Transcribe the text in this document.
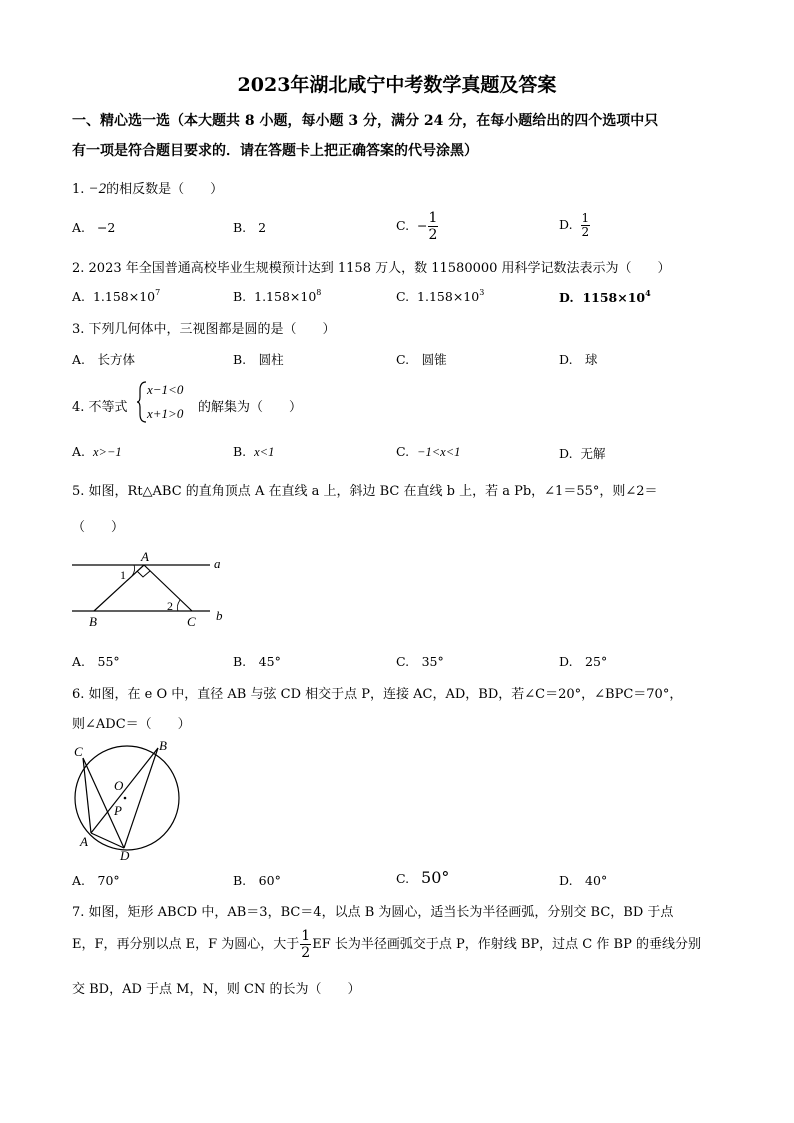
2023年湖北咸宁中考数学真题及答案
一、精心选一选（本大题共 8 小题，每小题 3 分，满分 24 分，在每小题给出的四个选项中只
有一项是符合题目要求的．请在答题卡上把正确答案的代号涂黑）
1. −2的相反数是（　　）
A. −2	B. 2	C. − $\frac{1}{2}$	D. $\frac{1}{2}$
2. 2023 年全国普通高校毕业生规模预计达到 1158 万人，数 11580000 用科学记数法表示为（　　）
A. $1.158\times 10^7$	B. $1.158\times 10^8$	C. $1.158\times 10^3$	D. $1158\times 10^4$
3. 下列几何体中，三视图都是圆的是（　　）
A.　长方体	B.　圆柱	C.　圆锥	D.　球
4. 不等式
x−1<0
x+1>0 的解集为（　　）
A. x>−1	B. x<1	C. −1<x<1	D. 无解
5. 如图，Rt△ABC 的直角顶点 A 在直线 a 上，斜边 BC 在直线 b 上，若 a Pb，∠1＝55°，则∠2＝
（　　）
A
B	C
a
b
1
2
A.　55°	B.　45°	C.　35°	D.　25°
6. 如图，在 e O 中，直径 AB 与弦 CD 相交于点 P，连接 AC，AD，BD，若∠C＝20°，∠BPC＝70°，
则∠ADC＝（　　）
C	B
O
P
A
D
A.　70°	B.　60°	C. 50°	D.　40°
7. 如图，矩形 ABCD 中，AB＝3，BC＝4，以点 B 为圆心，适当长为半径画弧，分别交 BC，BD 于点
E，F，再分别以点 E，F 为圆心，大于 $\frac{1}{2}$ EF 长为半径画弧交于点 P，作射线 BP，过点 C 作 BP 的垂线分别
交 BD，AD 于点 M，N，则 CN 的长为（　　）
